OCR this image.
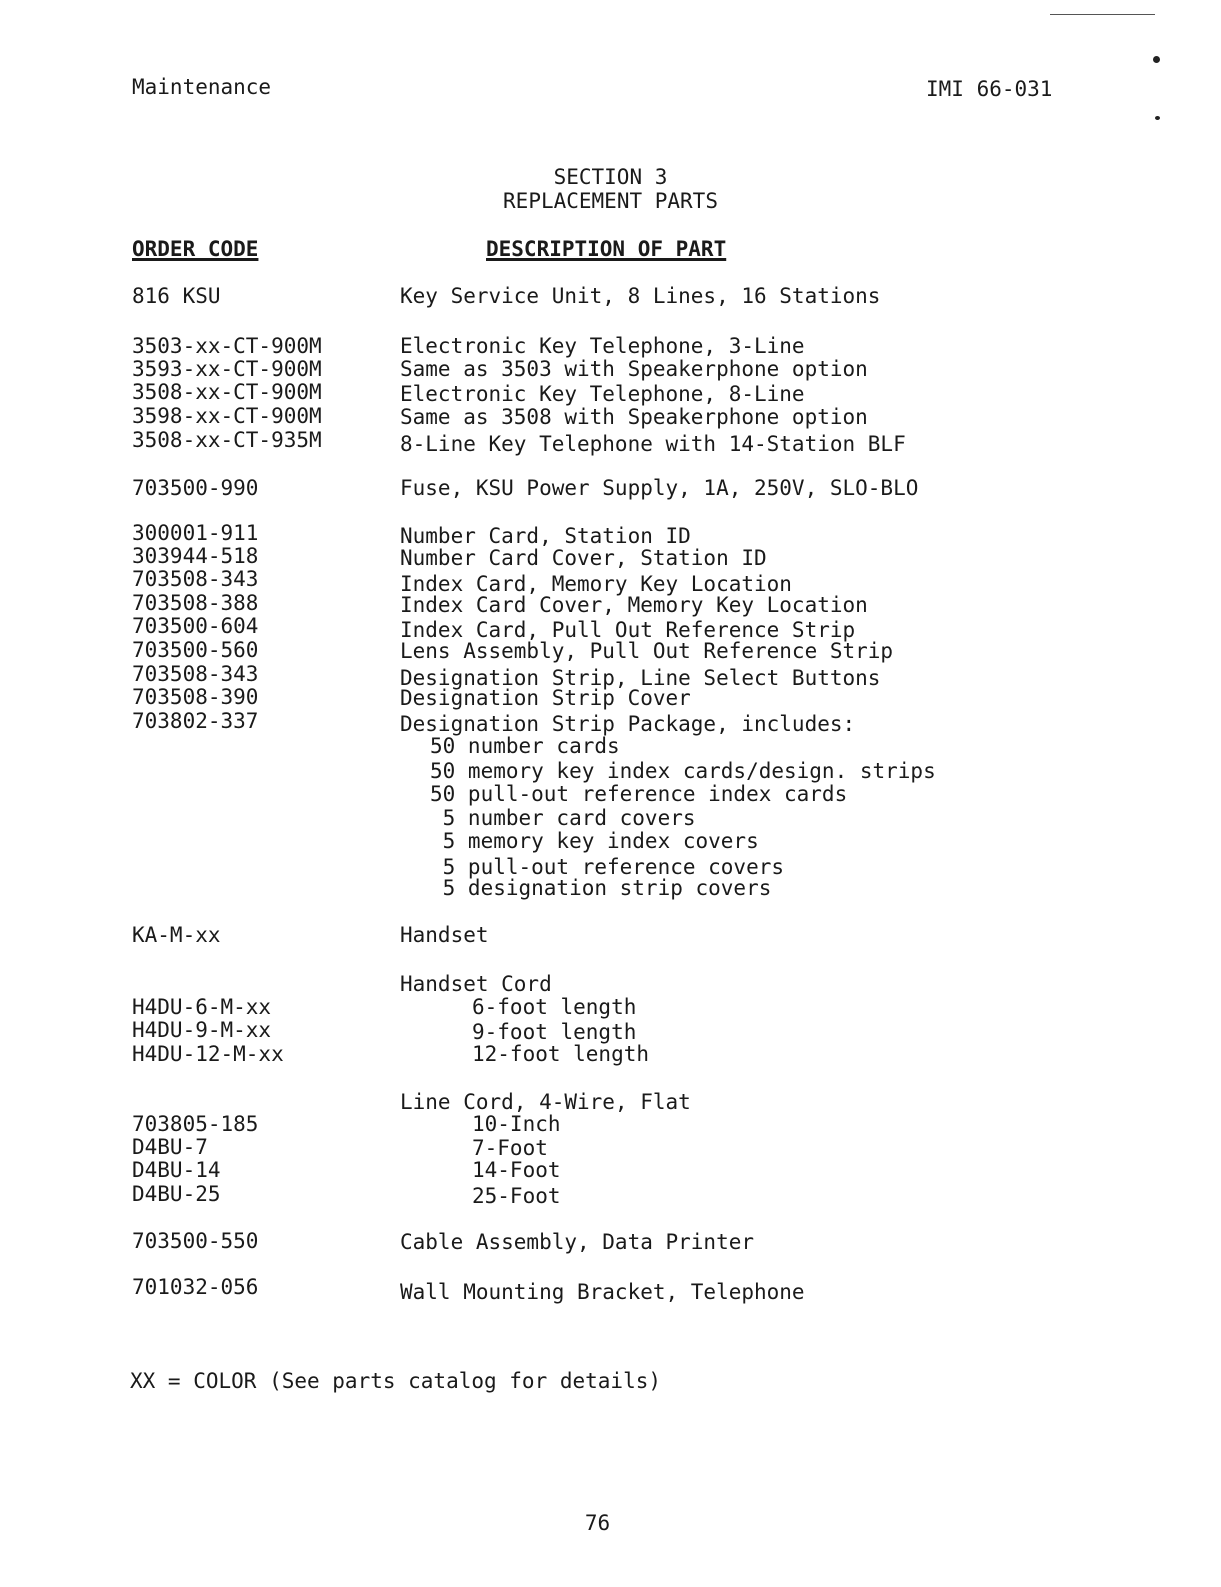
Maintenance	IMI 66-031
SECTION 3
REPLACEMENT PARTS
ORDER CODE	DESCRIPTION OF PART
816 KSU	Key Service Unit, 8 Lines, 16 Stations
3503-xx-CT-900M	Electronic Key Telephone, 3-Line
3593-xx-CT-900M	Same as 3503 with Speakerphone option
3508-xx-CT-900M	Electronic Key Telephone, 8-Line
3598-xx-CT-900M	Same as 3508 with Speakerphone option
3508-xx-CT-935M	8-Line Key Telephone with 14-Station BLF
703500-990	Fuse, KSU Power Supply, 1A, 250V, SLO-BLO
300001-911	Number Card, Station ID
303944-518	Number Card Cover, Station ID
703508-343	Index Card, Memory Key Location
703508-388	Index Card Cover, Memory Key Location
703500-604	Index Card, Pull Out Reference Strip
703500-560	Lens Assembly, Pull Out Reference Strip
703508-343	Designation Strip, Line Select Buttons
703508-390	Designation Strip Cover
703802-337	Designation Strip Package, includes:
50 number cards
50 memory key index cards/design. strips
50 pull-out reference index cards
5 number card covers
5 memory key index covers
5 pull-out reference covers
5 designation strip covers
KA-M-xx	Handset
Handset Cord
H4DU-6-M-xx	6-foot length
H4DU-9-M-xx	9-foot length
H4DU-12-M-xx	12-foot length
Line Cord, 4-Wire, Flat
703805-185	10-Inch
D4BU-7	7-Foot
D4BU-14	14-Foot
D4BU-25	25-Foot
703500-550	Cable Assembly, Data Printer
701032-056	Wall Mounting Bracket, Telephone
XX = COLOR (See parts catalog for details)
76
